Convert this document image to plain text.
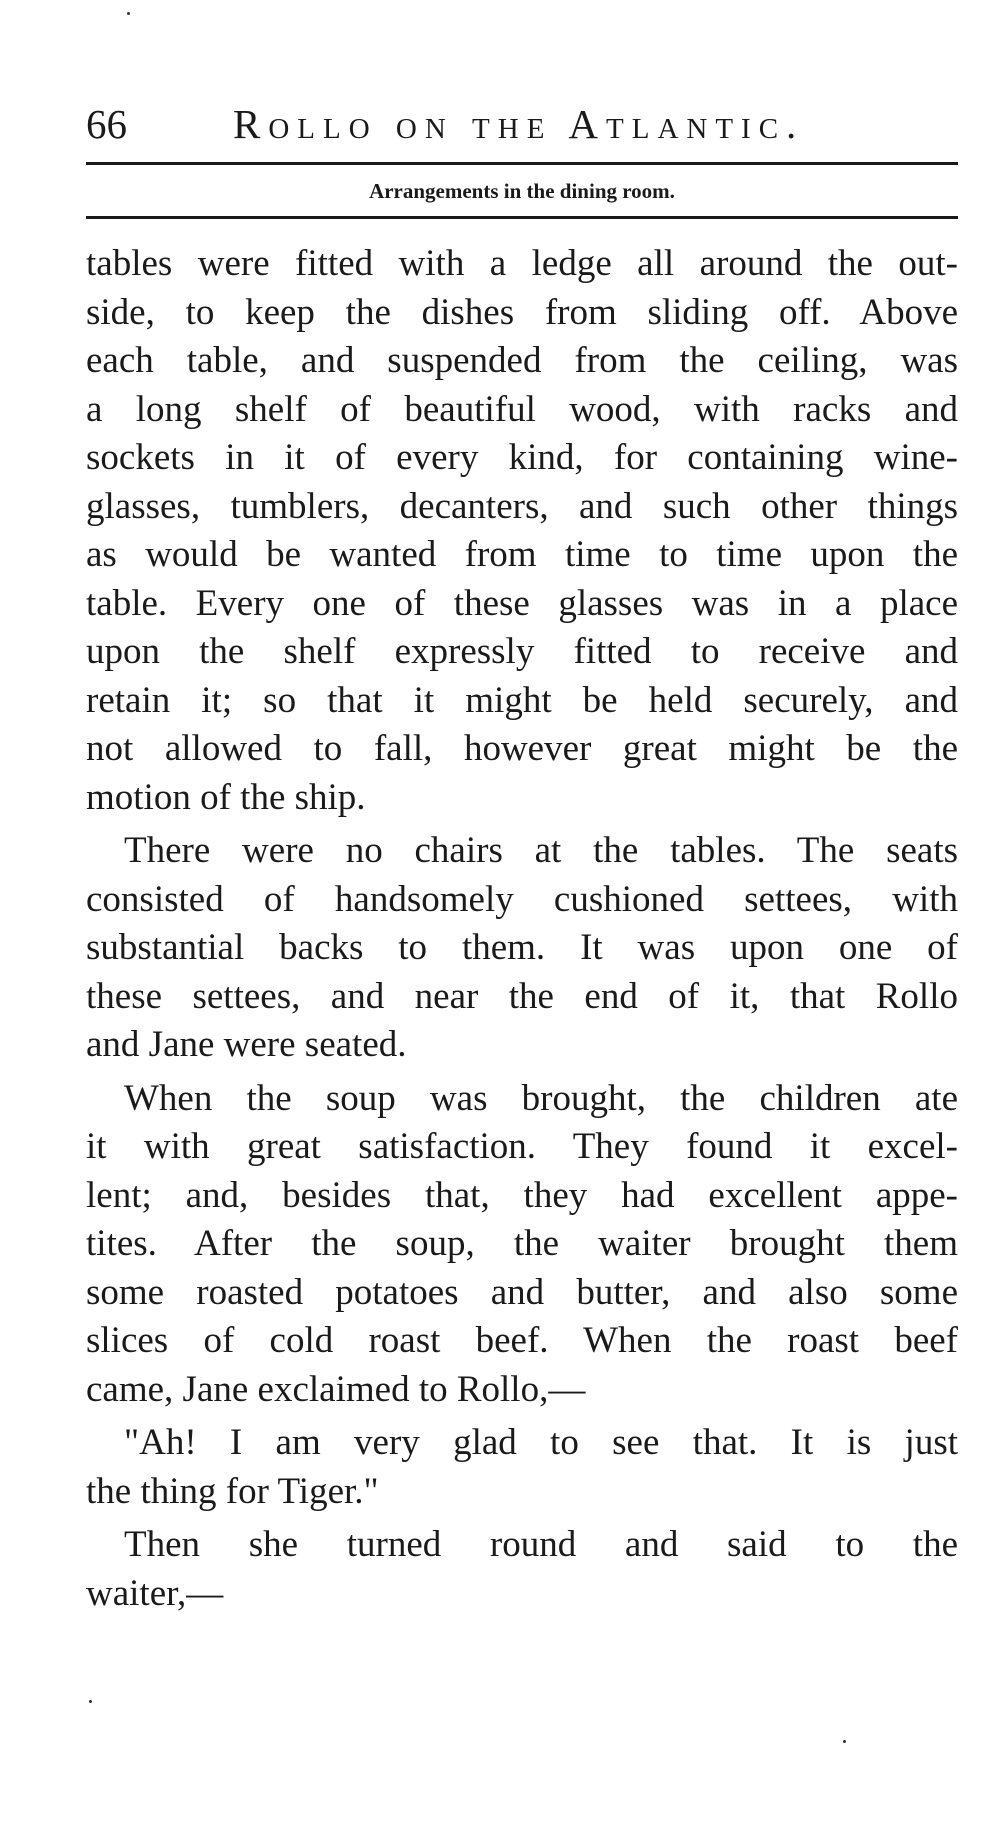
66	Rollo on the Atlantic.
Arrangements in the dining room.

tables were fitted with a ledge all around the out-
side, to keep the dishes from sliding off. Above
each table, and suspended from the ceiling, was
a long shelf of beautiful wood, with racks and
sockets in it of every kind, for containing wine-
glasses, tumblers, decanters, and such other things
as would be wanted from time to time upon the
table. Every one of these glasses was in a place
upon the shelf expressly fitted to receive and
retain it; so that it might be held securely, and
not allowed to fall, however great might be the
motion of the ship.

There were no chairs at the tables. The seats
consisted of handsomely cushioned settees, with
substantial backs to them. It was upon one of
these settees, and near the end of it, that Rollo
and Jane were seated.

When the soup was brought, the children ate
it with great satisfaction. They found it excel-
lent; and, besides that, they had excellent appe-
tites. After the soup, the waiter brought them
some roasted potatoes and butter, and also some
slices of cold roast beef. When the roast beef
came, Jane exclaimed to Rollo,—

"Ah! I am very glad to see that. It is just
the thing for Tiger."

Then she turned round and said to the
waiter,—
